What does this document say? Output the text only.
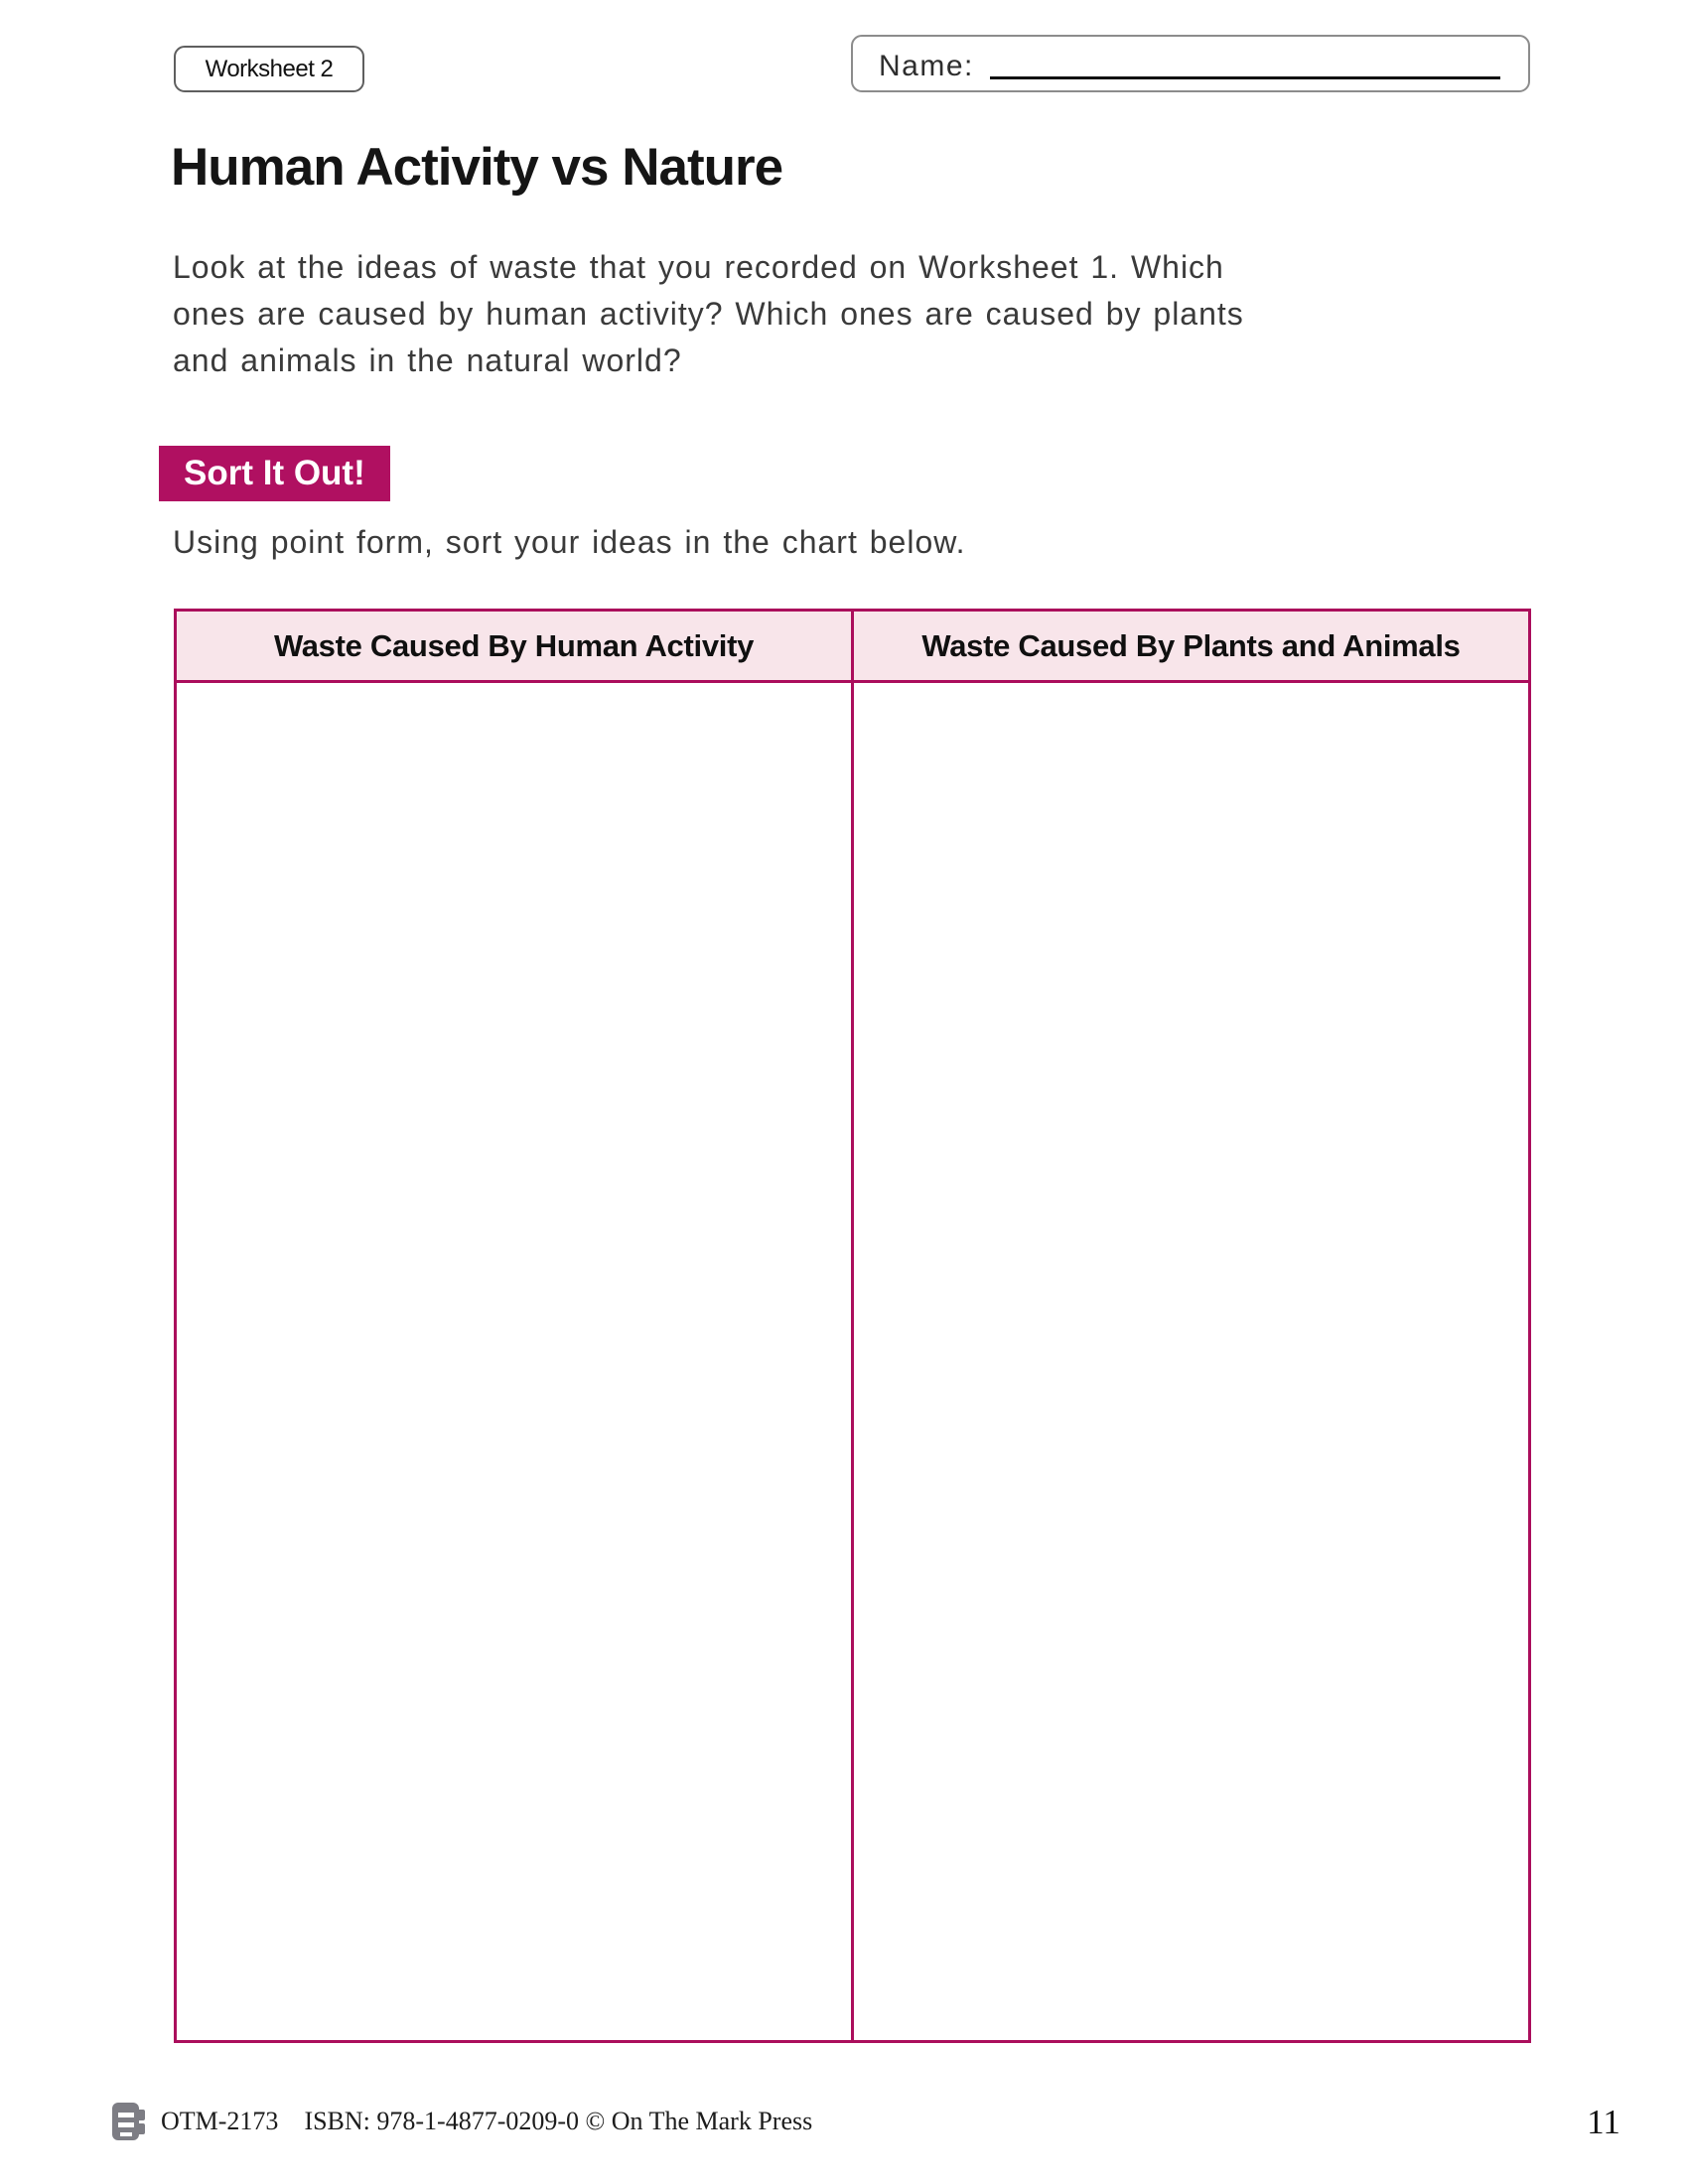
Worksheet 2	Name:
Human Activity vs Nature
Look at the ideas of waste that you recorded on Worksheet 1. Which
ones are caused by human activity? Which ones are caused by plants
and animals in the natural world?
Sort It Out!
Using point form, sort your ideas in the chart below.
Waste Caused By Human Activity	Waste Caused By Plants and Animals
OTM-2173 ISBN: 978-1-4877-0209-0 © On The Mark Press	11
